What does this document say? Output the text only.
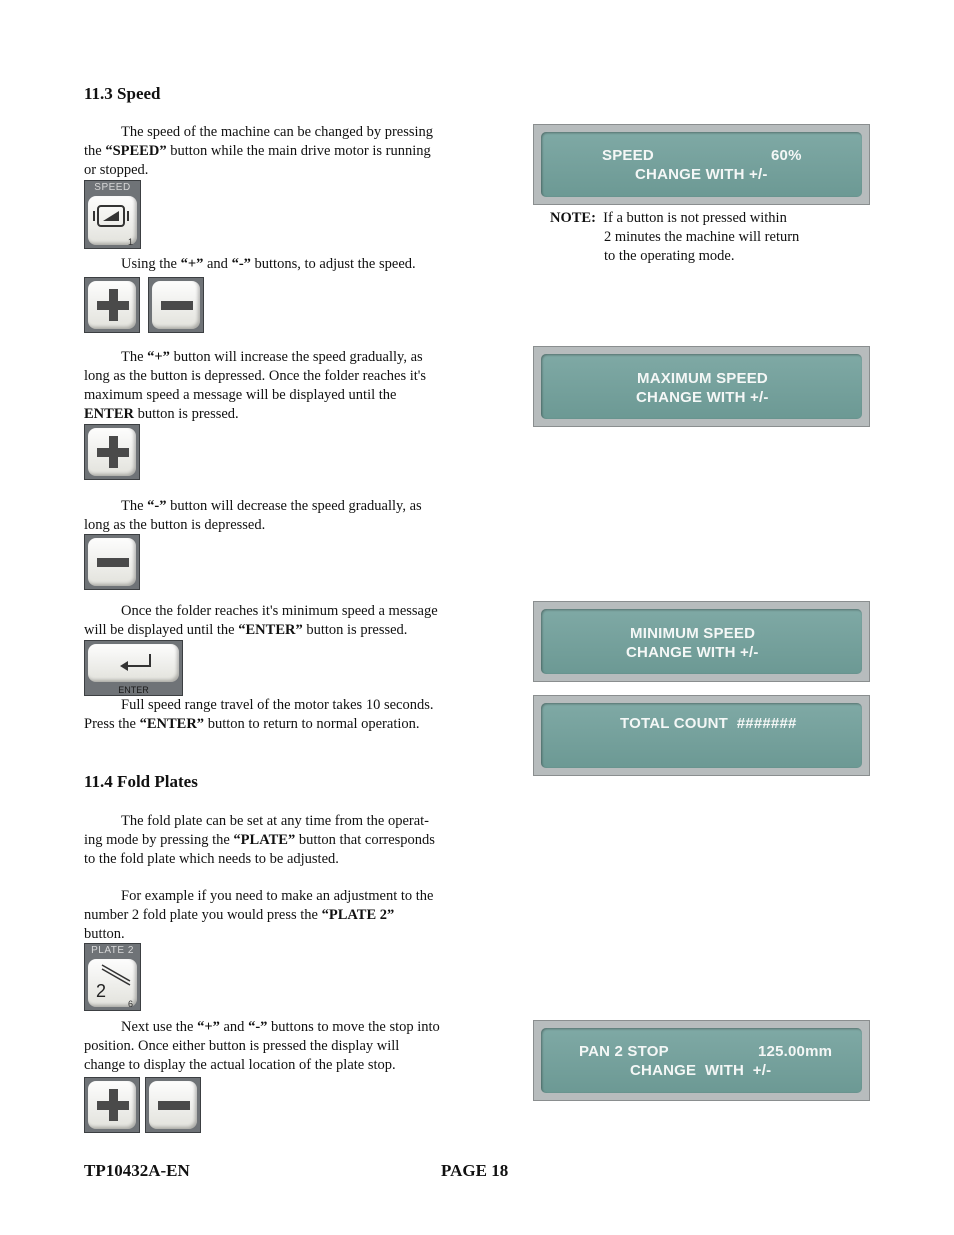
11.3 Speed

The speed of the machine can be changed by pressing

the “SPEED” button while the main drive motor is running

or stopped.

SPEED
1

Using the “+” and “-” buttons, to adjust the speed.

The “+” button will increase the speed gradually, as

long as the button is depressed. Once the folder reaches it's

maximum speed a message will be displayed until the

ENTER button is pressed.

The “-” button will decrease the speed gradually, as

long as the button is depressed.

Once the folder reaches it's minimum speed a message

will be displayed until the “ENTER” button is pressed.

ENTER

Full speed range travel of the motor takes 10 seconds.

Press the “ENTER” button to return to normal operation.

11.4 Fold Plates

The fold plate can be set at any time from the operat-

ing mode by pressing the “PLATE” button that corresponds

to the fold plate which needs to be adjusted.

For example if you need to make an adjustment to the

number 2 fold plate you would press the “PLATE 2”

button.

PLATE 2
2
6

Next use the “+” and “-” buttons to move the stop into

position. Once either button is pressed the display will

change to display the actual location of the plate stop.

SPEED	60%
CHANGE WITH +/-

NOTE: If a button is not pressed within

2 minutes the machine will return

to the operating mode.

MAXIMUM SPEED
CHANGE WITH +/-
MINIMUM SPEED
CHANGE WITH +/-
TOTAL COUNT  #######
PAN 2 STOP	125.00mm
CHANGE  WITH  +/-
TP10432A-EN	PAGE 18
